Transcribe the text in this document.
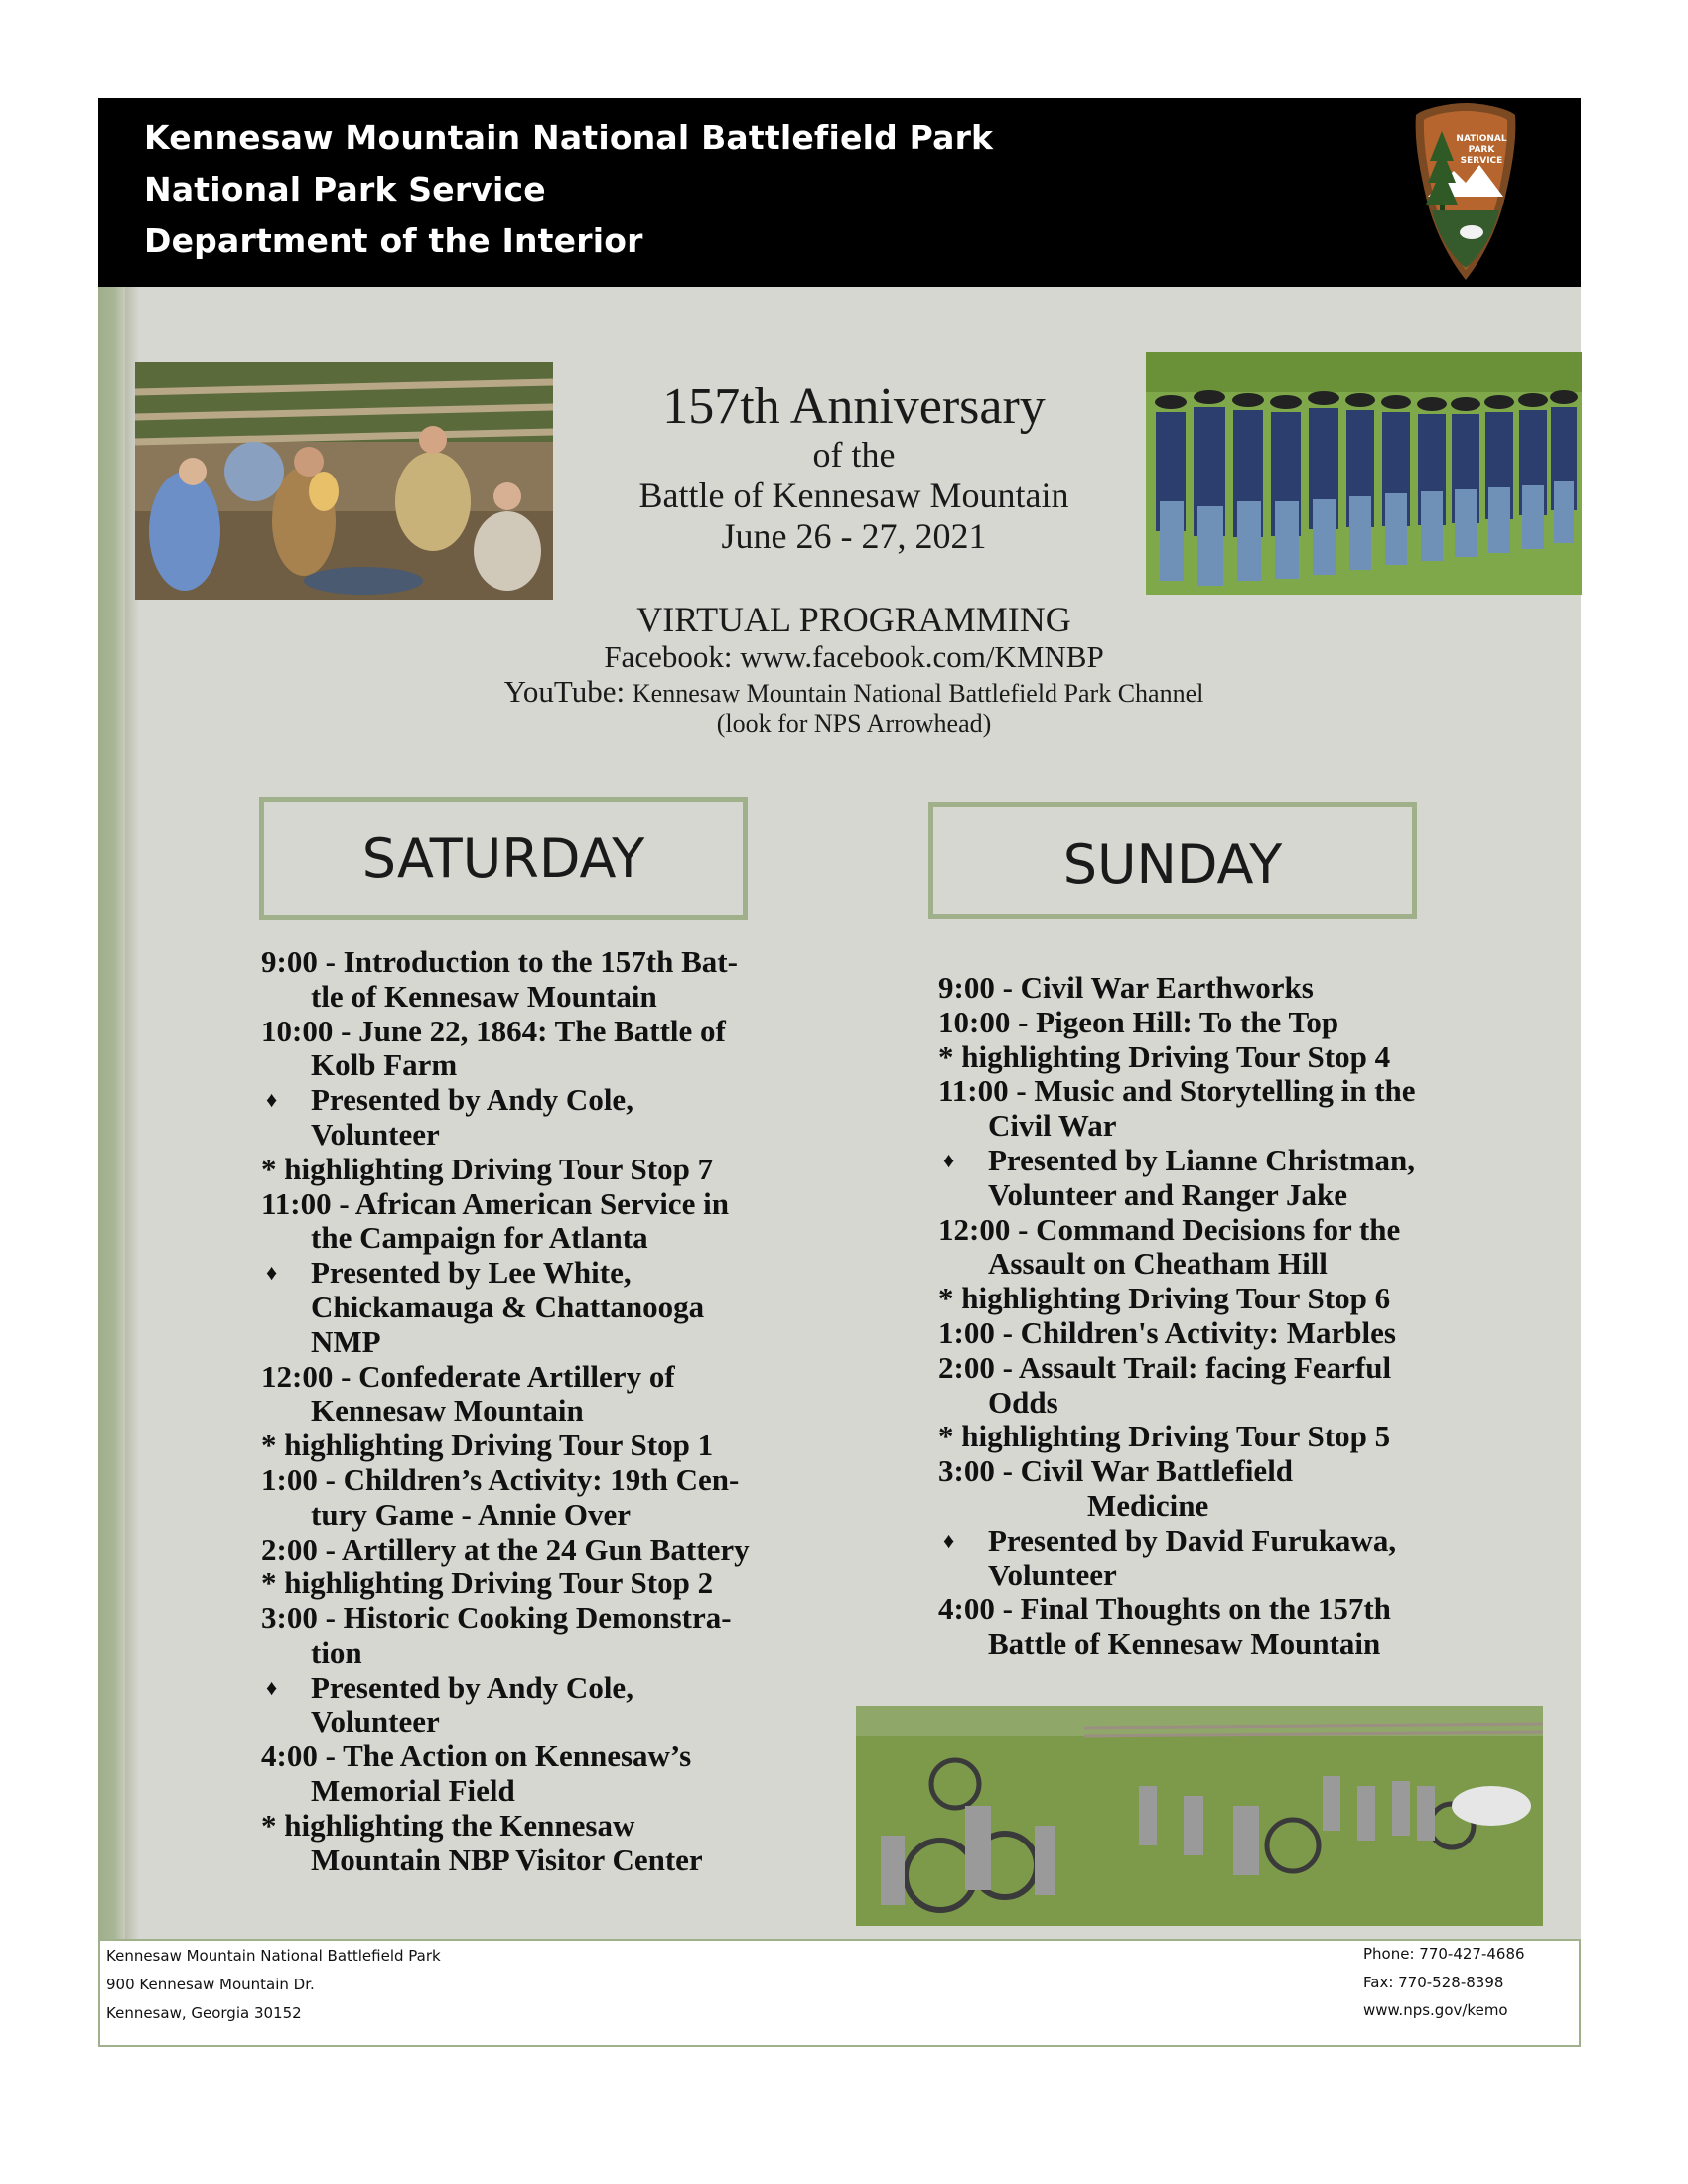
Kennesaw Mountain National Battlefield Park
National Park Service
Department of the Interior
NATIONAL
PARK
SERVICE
157th Anniversary
of the
Battle of Kennesaw Mountain
June 26 - 27, 2021
VIRTUAL PROGRAMMING
Facebook: www.facebook.com/KMNBP
YouTube: Kennesaw Mountain National Battlefield Park Channel
(look for NPS Arrowhead)
SATURDAY	SUNDAY
9:00 - Introduction to the 157th Bat-
tle of Kennesaw Mountain
10:00 - June 22, 1864: The Battle of
Kolb Farm
♦ Presented by Andy Cole,
Volunteer
* highlighting Driving Tour Stop 7
11:00 - African American Service in
the Campaign for Atlanta
♦ Presented by Lee White,
Chickamauga & Chattanooga
NMP
12:00 - Confederate Artillery of
Kennesaw Mountain
* highlighting Driving Tour Stop 1
1:00 - Children’s Activity: 19th Cen-
tury Game - Annie Over
2:00 - Artillery at the 24 Gun Battery
* highlighting Driving Tour Stop 2
3:00 - Historic Cooking Demonstra-
tion
♦ Presented by Andy Cole,
Volunteer
4:00 - The Action on Kennesaw’s
Memorial Field
* highlighting the Kennesaw
Mountain NBP Visitor Center
9:00 - Civil War Earthworks
10:00 - Pigeon Hill: To the Top
* highlighting Driving Tour Stop 4
11:00 - Music and Storytelling in the
Civil War
♦ Presented by Lianne Christman,
Volunteer and Ranger Jake
12:00 - Command Decisions for the
Assault on Cheatham Hill
* highlighting Driving Tour Stop 6
1:00 - Children's Activity: Marbles
2:00 - Assault Trail: facing Fearful
Odds
* highlighting Driving Tour Stop 5
3:00 - Civil War Battlefield
Medicine
♦ Presented by David Furukawa,
Volunteer
4:00 - Final Thoughts on the 157th
Battle of Kennesaw Mountain
Kennesaw Mountain National Battlefield Park
900 Kennesaw Mountain Dr.
Kennesaw, Georgia 30152
Phone: 770-427-4686
Fax: 770-528-8398
www.nps.gov/kemo
